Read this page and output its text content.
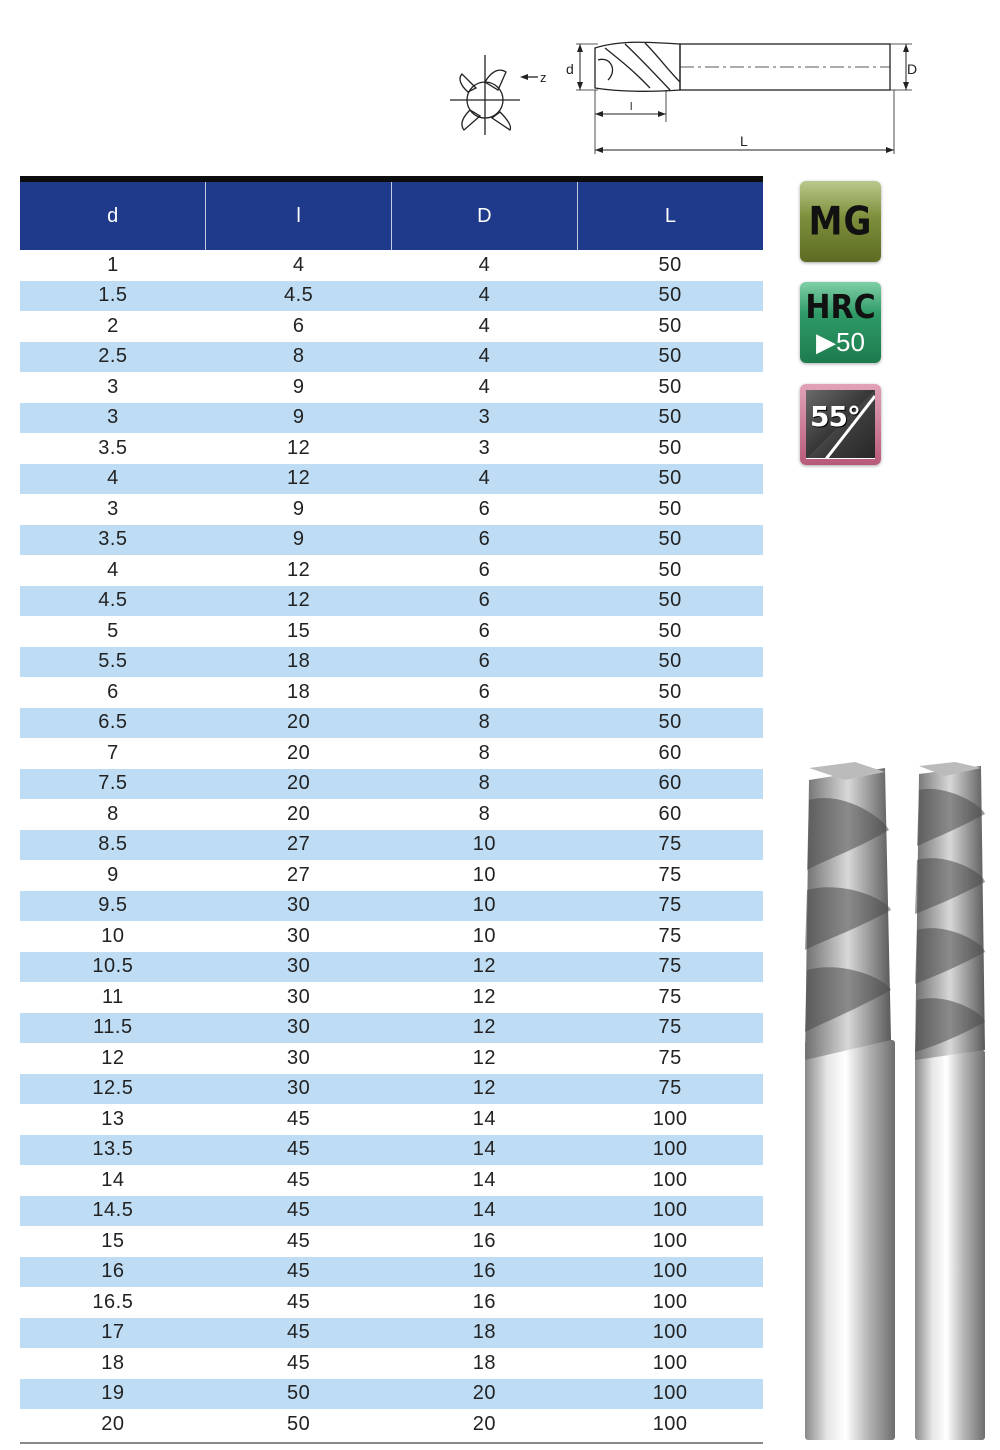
z
d	D
l
L
d	l	D	L
1	4	4	50
1.5	4.5	4	50
2	6	4	50
2.5	8	4	50
3	9	4	50
3	9	3	50
3.5	12	3	50
4	12	4	50
3	9	6	50
3.5	9	6	50
4	12	6	50
4.5	12	6	50
5	15	6	50
5.5	18	6	50
6	18	6	50
6.5	20	8	50
7	20	8	60
7.5	20	8	60
8	20	8	60
8.5	27	10	75
9	27	10	75
9.5	30	10	75
10	30	10	75
10.5	30	12	75
11	30	12	75
11.5	30	12	75
12	30	12	75
12.5	30	12	75
13	45	14	100
13.5	45	14	100
14	45	14	100
14.5	45	14	100
15	45	16	100
16	45	16	100
16.5	45	16	100
17	45	18	100
18	45	18	100
19	50	20	100
20	50	20	100
MG
HRC
▶50
55°
